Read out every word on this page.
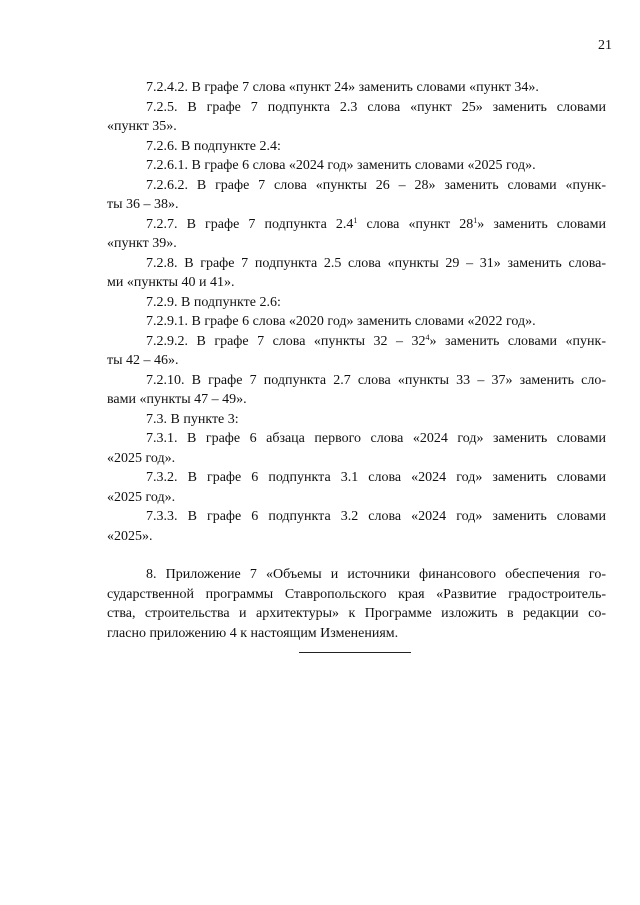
21
7.2.4.2. В графе 7 слова «пункт 24» заменить словами «пункт 34».
7.2.5. В графе 7 подпункта 2.3 слова «пункт 25» заменить словами
«пункт 35».
7.2.6. В подпункте 2.4:
7.2.6.1. В графе 6 слова «2024 год» заменить словами «2025 год».
7.2.6.2. В графе 7 слова «пункты 26 – 28» заменить словами «пунк-
ты 36 – 38».
7.2.7. В графе 7 подпункта $2.4^1$ слова «пункт $28^1$» заменить словами
«пункт 39».
7.2.8. В графе 7 подпункта 2.5 слова «пункты 29 – 31» заменить слова-
ми «пункты 40 и 41».
7.2.9. В подпункте 2.6:
7.2.9.1. В графе 6 слова «2020 год» заменить словами «2022 год».
7.2.9.2. В графе 7 слова «пункты $32 - 32^4$» заменить словами «пунк-
ты 42 – 46».
7.2.10. В графе 7 подпункта 2.7 слова «пункты 33 – 37» заменить сло-
вами «пункты 47 – 49».
7.3. В пункте 3:
7.3.1. В графе 6 абзаца первого слова «2024 год» заменить словами
«2025 год».
7.3.2. В графе 6 подпункта 3.1 слова «2024 год» заменить словами
«2025 год».
7.3.3. В графе 6 подпункта 3.2 слова «2024 год» заменить словами
«2025».
8. Приложение 7 «Объемы и источники финансового обеспечения го-
сударственной программы Ставропольского края «Развитие градостроитель-
ства, строительства и архитектуры» к Программе изложить в редакции со-
гласно приложению 4 к настоящим Изменениям.
